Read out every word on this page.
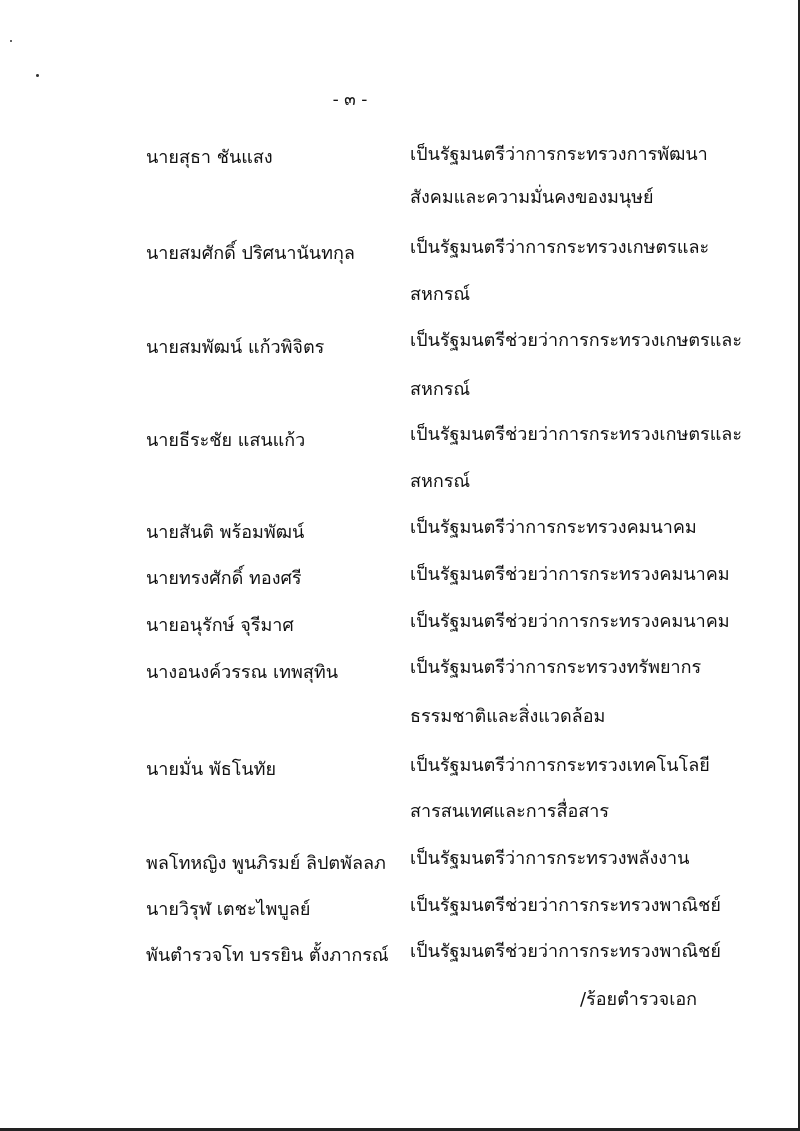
- ๓ -
นายสุธา ชันแสง	เป็นรัฐมนตรีว่าการกระทรวงการพัฒนา
สังคมและความมั่นคงของมนุษย์
นายสมศักดิ์ ปริศนานันทกุล	เป็นรัฐมนตรีว่าการกระทรวงเกษตรและ
สหกรณ์
นายสมพัฒน์ แก้วพิจิตร	เป็นรัฐมนตรีช่วยว่าการกระทรวงเกษตรและ
สหกรณ์
นายธีระชัย แสนแก้ว	เป็นรัฐมนตรีช่วยว่าการกระทรวงเกษตรและ
สหกรณ์
นายสันติ พร้อมพัฒน์	เป็นรัฐมนตรีว่าการกระทรวงคมนาคม
นายทรงศักดิ์ ทองศรี	เป็นรัฐมนตรีช่วยว่าการกระทรวงคมนาคม
นายอนุรักษ์ จุรีมาศ	เป็นรัฐมนตรีช่วยว่าการกระทรวงคมนาคม
นางอนงค์วรรณ เทพสุทิน	เป็นรัฐมนตรีว่าการกระทรวงทรัพยากร
ธรรมชาติและสิ่งแวดล้อม
นายมั่น พัธโนทัย	เป็นรัฐมนตรีว่าการกระทรวงเทคโนโลยี
สารสนเทศและการสื่อสาร
พลโทหญิง พูนภิรมย์ ลิปตพัลลภ เป็นรัฐมนตรีว่าการกระทรวงพลังงาน
นายวิรุฬ เตชะไพบูลย์	เป็นรัฐมนตรีช่วยว่าการกระทรวงพาณิชย์
พันตำรวจโท บรรยิน ตั้งภากรณ์ เป็นรัฐมนตรีช่วยว่าการกระทรวงพาณิชย์
/ร้อยตำรวจเอก
